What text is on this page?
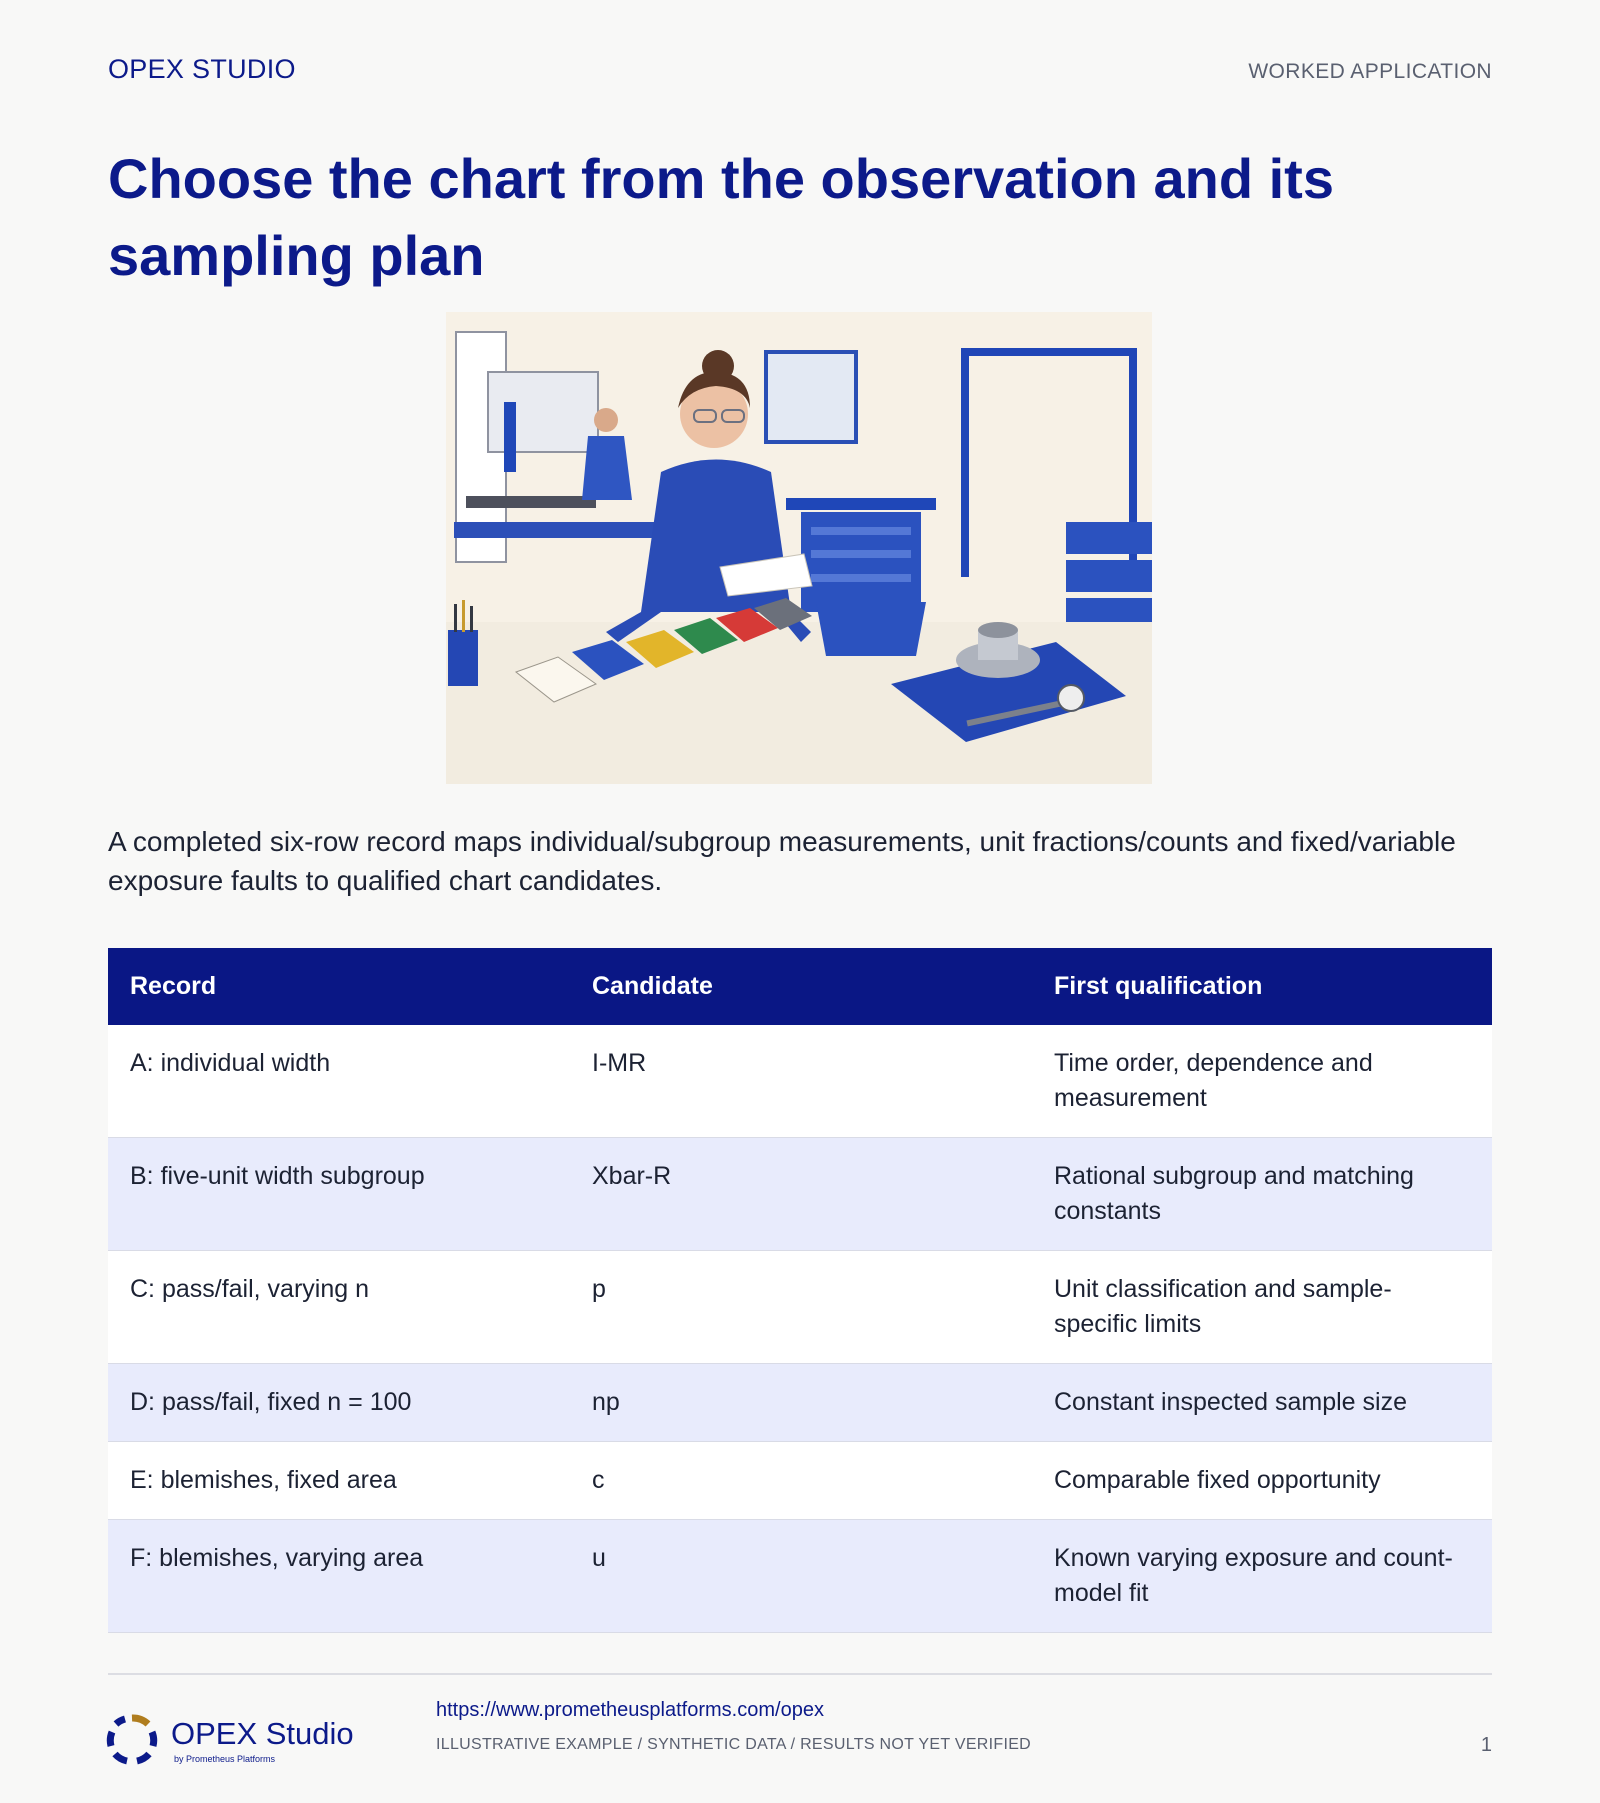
OPEX STUDIO	WORKED APPLICATION
Choose the chart from the observation and its sampling plan

A completed six-row record maps individual/subgroup measurements, unit fractions/counts and fixed/variable exposure faults to qualified chart candidates.

Record	Candidate	First qualification
A: individual width	I-MR	Time order, dependence and measurement
B: five-unit width subgroup	Xbar-R	Rational subgroup and matching constants
C: pass/fail, varying n	p	Unit classification and sample-specific limits
D: pass/fail, fixed n = 100	np	Constant inspected sample size
E: blemishes, fixed area	c	Comparable fixed opportunity
F: blemishes, varying area	u	Known varying exposure and count-model fit
OPEX Studio
by Prometheus Platforms
https://www.prometheusplatforms.com/opex
ILLUSTRATIVE EXAMPLE / SYNTHETIC DATA / RESULTS NOT YET VERIFIED	1
